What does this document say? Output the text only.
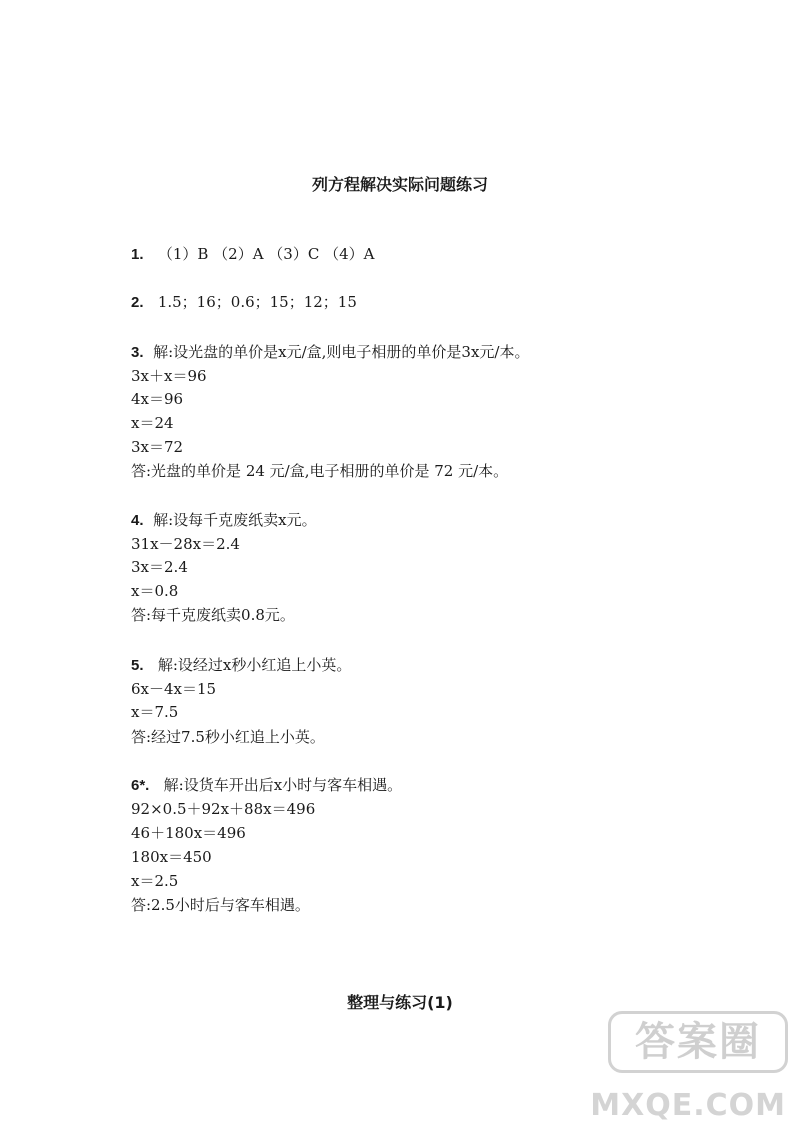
列方程解决实际问题练习
1. （1）B （2）A （3）C （4）A
2. 1.5；16；0.6；15；12；15
3. 解:设光盘的单价是x元/盒,则电子相册的单价是3x元/本。
3x＋x＝96
4x＝96
x＝24
3x＝72
答:光盘的单价是 24 元/盒,电子相册的单价是 72 元/本。
4. 解:设每千克废纸卖x元。
31x－28x＝2.4
3x＝2.4
x＝0.8
答:每千克废纸卖0.8元。
5. 解:设经过x秒小红追上小英。
6x－4x＝15
x＝7.5
答:经过7.5秒小红追上小英。
6*. 解:设货车开出后x小时与客车相遇。
92×0.5＋92x＋88x＝496
46＋180x＝496
180x＝450
x＝2.5
答:2.5小时后与客车相遇。
整理与练习(1)
答案圈
MXQE.COM
